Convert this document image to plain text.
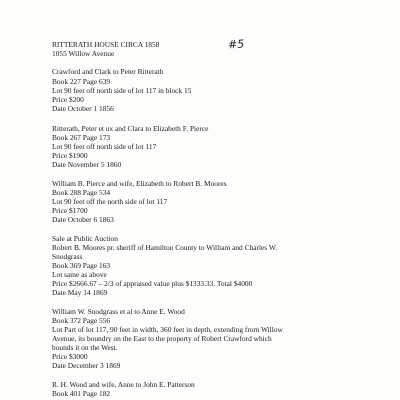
RITTERATH HOUSE CIRCA 1858
1055 Willow Avenue
#5
Crawford and Clark to Peter Ritterath
Book 227 Page 639
Lot 90 feet off north side of lot 117 in block 15
Price $200
Date October 1 1856
Ritterath, Peter et ux and Clara to Elizabeth F. Pierce
Book 267 Page 173
Lot 90 feet off north side of lot 117
Price $1900
Date November 5 1860
William B. Pierce and wife, Elizabeth to Robert B. Moores
Book 288 Page 534
Lot 90 feet off the north side of lot 117
Price $1700
Date October 6 1863
Sale at Public Auction
Robert B. Moores pr. sheriff of Hamilton County to William and Charles W.
Snodgrass
Book 369 Page 163
Lot same as above
Price $2666.67 – 2/3 of appraised value plus $1333.33. Total $4000
Date May 14 1869
William W. Snodgrass et al to Anne E. Wood
Book 372 Page 556
Lot Part of lot 117, 90 feet in width, 360 feet in depth, extending from Willow
Avenue, its boundry on the East to the property of Robert Crawford which
bounds it on the West.
Price $3000
Date December 3 1869
R. H. Wood and wife, Anne to John E. Patterson
Book 401 Page 182
